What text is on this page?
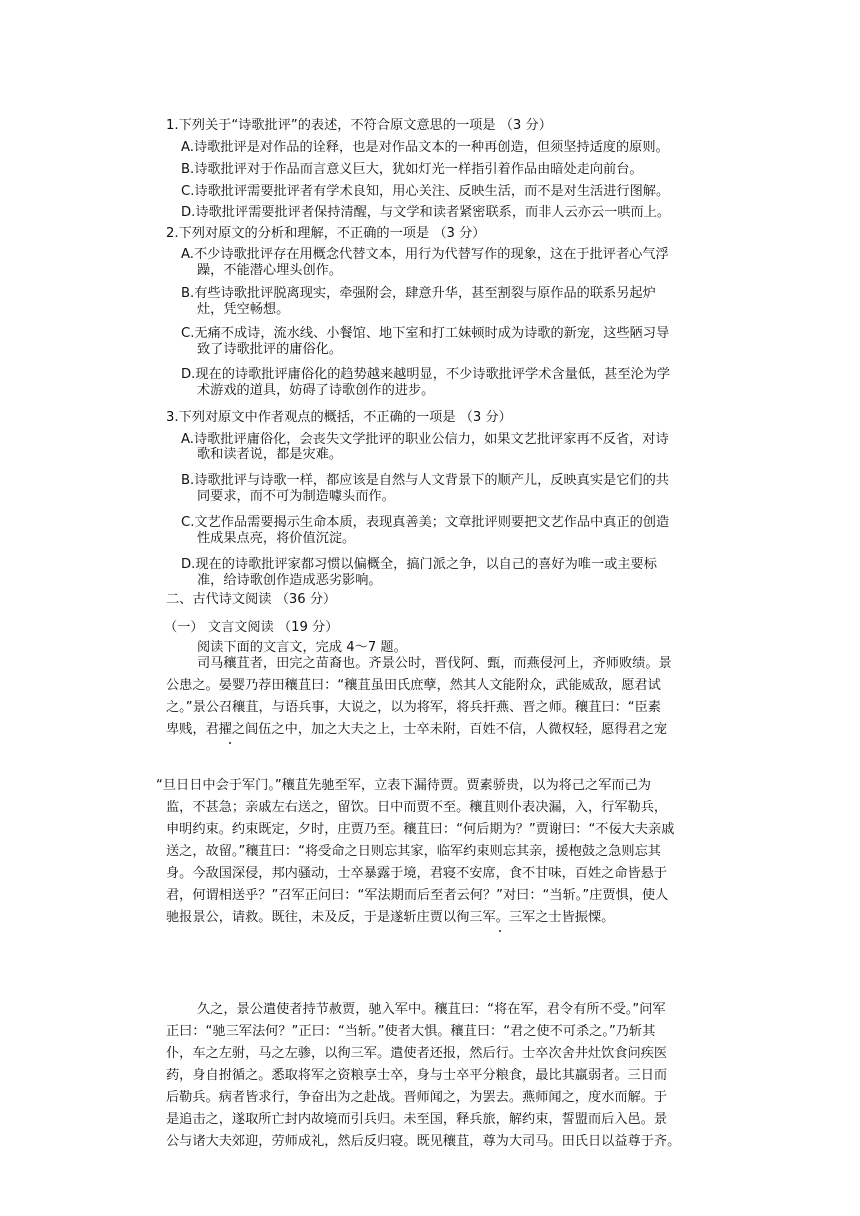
1.下列关于“诗歌批评”的表述，不符合原文意思的一项是 （3 分）
A.诗歌批评是对作品的诠释，也是对作品文本的一种再创造，但须坚持适度的原则。
B.诗歌批评对于作品而言意义巨大，犹如灯光一样指引着作品由暗处走向前台。
C.诗歌批评需要批评者有学术良知，用心关注、反映生活，而不是对生活进行图解。
D.诗歌批评需要批评者保持清醒，与文学和读者紧密联系，而非人云亦云一哄而上。
2.下列对原文的分析和理解，不正确的一项是 （3 分）
A.不少诗歌批评存在用概念代替文本，用行为代替写作的现象，这在于批评者心气浮
躁，不能潜心埋头创作。
B.有些诗歌批评脱离现实，牵强附会，肆意升华，甚至割裂与原作品的联系另起炉
灶，凭空畅想。
C.无痛不成诗，流水线、小餐馆、地下室和打工妹顿时成为诗歌的新宠，这些陋习导
致了诗歌批评的庸俗化。
D.现在的诗歌批评庸俗化的趋势越来越明显，不少诗歌批评学术含量低，甚至沦为学
术游戏的道具，妨碍了诗歌创作的进步。
3.下列对原文中作者观点的概括，不正确的一项是 （3 分）
A.诗歌批评庸俗化，会丧失文学批评的职业公信力，如果文艺批评家再不反省，对诗
歌和读者说，都是灾难。
B.诗歌批评与诗歌一样，都应该是自然与人文背景下的顺产儿，反映真实是它们的共
同要求，而不可为制造噱头而作。
C.文艺作品需要揭示生命本质，表现真善美；文章批评则要把文艺作品中真正的创造
性成果点亮，将价值沉淀。
D.现在的诗歌批评家都习惯以偏概全，搞门派之争，以自己的喜好为唯一或主要标
准，给诗歌创作造成恶劣影响。
二、古代诗文阅读 （36 分）
（一） 文言文阅读 （19 分）
阅读下面的文言文，完成 4～7 题。
司马穰苴者，田完之苗裔也。齐景公时，晋伐阿、甄，而燕侵河上，齐师败绩。景
公患之。晏婴乃荐田穰苴曰：“穰苴虽田氏庶孽，然其人文能附众，武能威敌，愿君试
之。”景公召穰苴，与语兵事，大说之，以为将军，将兵扞燕、晋之师。穰苴曰：“臣素
卑贱，君擢之闾伍之中，加之大夫之上，士卒未附，百姓不信，人微权轻，愿得君之宠
“旦日日中会于军门。”穰苴先驰至军，立表下漏待贾。贾素骄贵，以为将己之军而己为
监，不甚急；亲戚左右送之，留饮。日中而贾不至。穰苴则仆表决漏，入，行军勒兵，
申明约束。约束既定，夕时，庄贾乃至。穰苴曰：“何后期为？”贾谢曰：“不佞大夫亲戚
送之，故留。”穰苴曰：“将受命之日则忘其家，临军约束则忘其亲，援枹鼓之急则忘其
身。今敌国深侵，邦内骚动，士卒暴露于境，君寝不安席，食不甘味，百姓之命皆悬于
君，何谓相送乎？”召军正问曰：“军法期而后至者云何？”对曰：“当斩。”庄贾惧，使人
驰报景公，请救。既往，未及反，于是遂斩庄贾以徇三军。三军之士皆振慄。
久之，景公遣使者持节赦贾，驰入军中。穰苴曰：“将在军，君令有所不受。”问军
正曰：“驰三军法何？”正曰：“当斩。”使者大惧。穰苴曰：“君之使不可杀之。”乃斩其
仆，车之左驸，马之左骖，以徇三军。遣使者还报，然后行。士卒次舍井灶饮食问疾医
药，身自拊循之。悉取将军之资粮享士卒，身与士卒平分粮食，最比其羸弱者。三日而
后勒兵。病者皆求行，争奋出为之赴战。晋师闻之，为罢去。燕师闻之，度水而解。于
是追击之，遂取所亡封内故境而引兵归。未至国，释兵旅，解约束，誓盟而后入邑。景
公与诸大夫郊迎，劳师成礼，然后反归寝。既见穰苴，尊为大司马。田氏日以益尊于齐。
